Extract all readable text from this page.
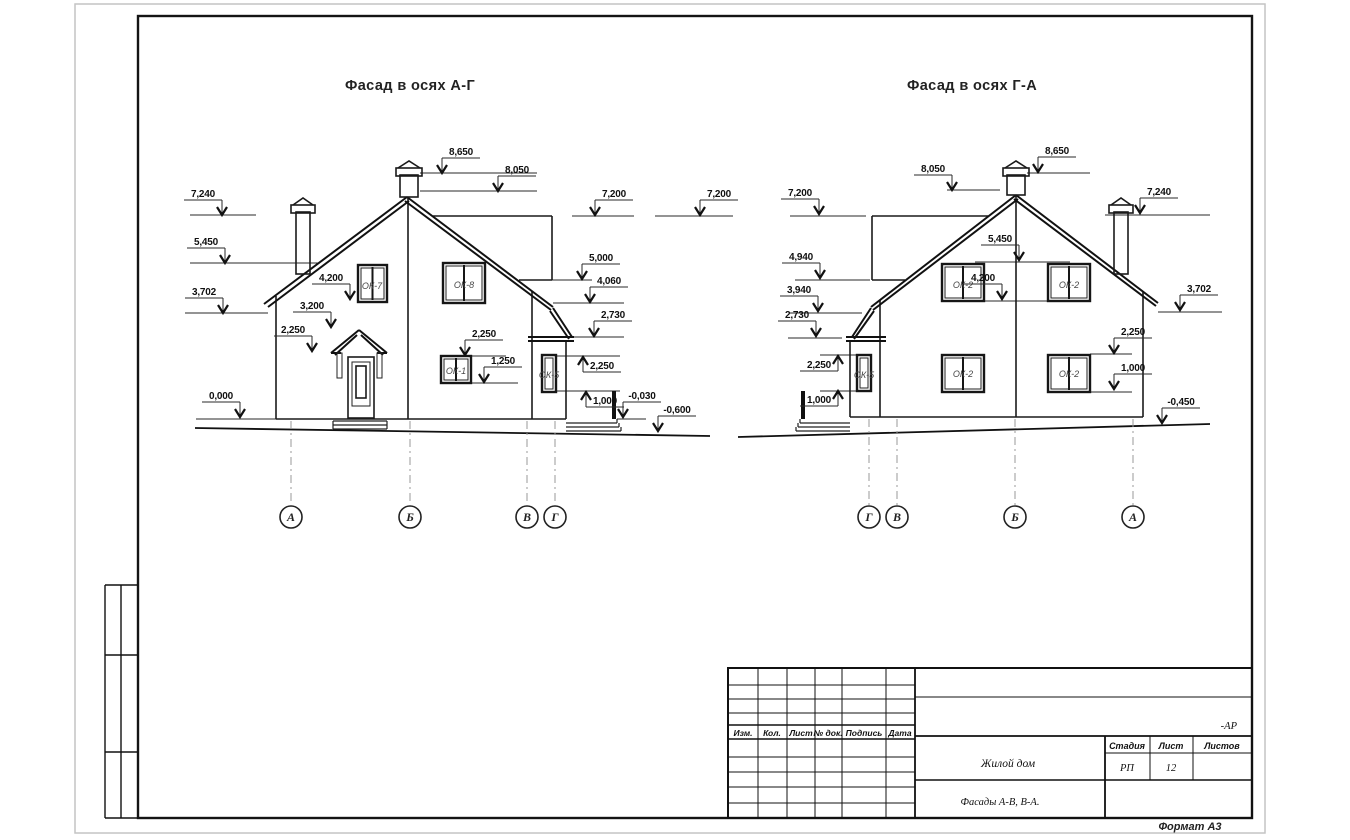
Фасад в осях А-Г	Фасад в осях Г-А
ОК-7	ОК-8
ОК-1	ОК-5
А	Б	В Г
7,240
5,450
3,702
0,000
4,200
3,200
2,250	2,250
1,250
8,650
8,050
7,200	7,200
5,000
4,060
2,730
2,250
1,000 -0,030
-0,600
ОК-2	ОК-2
ОК-5	ОК-2	ОК-2
Г В	Б	А
8,050
8,650
7,200	7,240
5,450
4,940
4,200
3,940	3,702
2,730
2,250
1,000
2,250
1,000
-0,450
Изм. Кол. Лист № док. Подпись Дата
-АР
Стадия Лист Листов
РП	12
Жилой дом
Фасады А-В, В-А.
Формат А3
